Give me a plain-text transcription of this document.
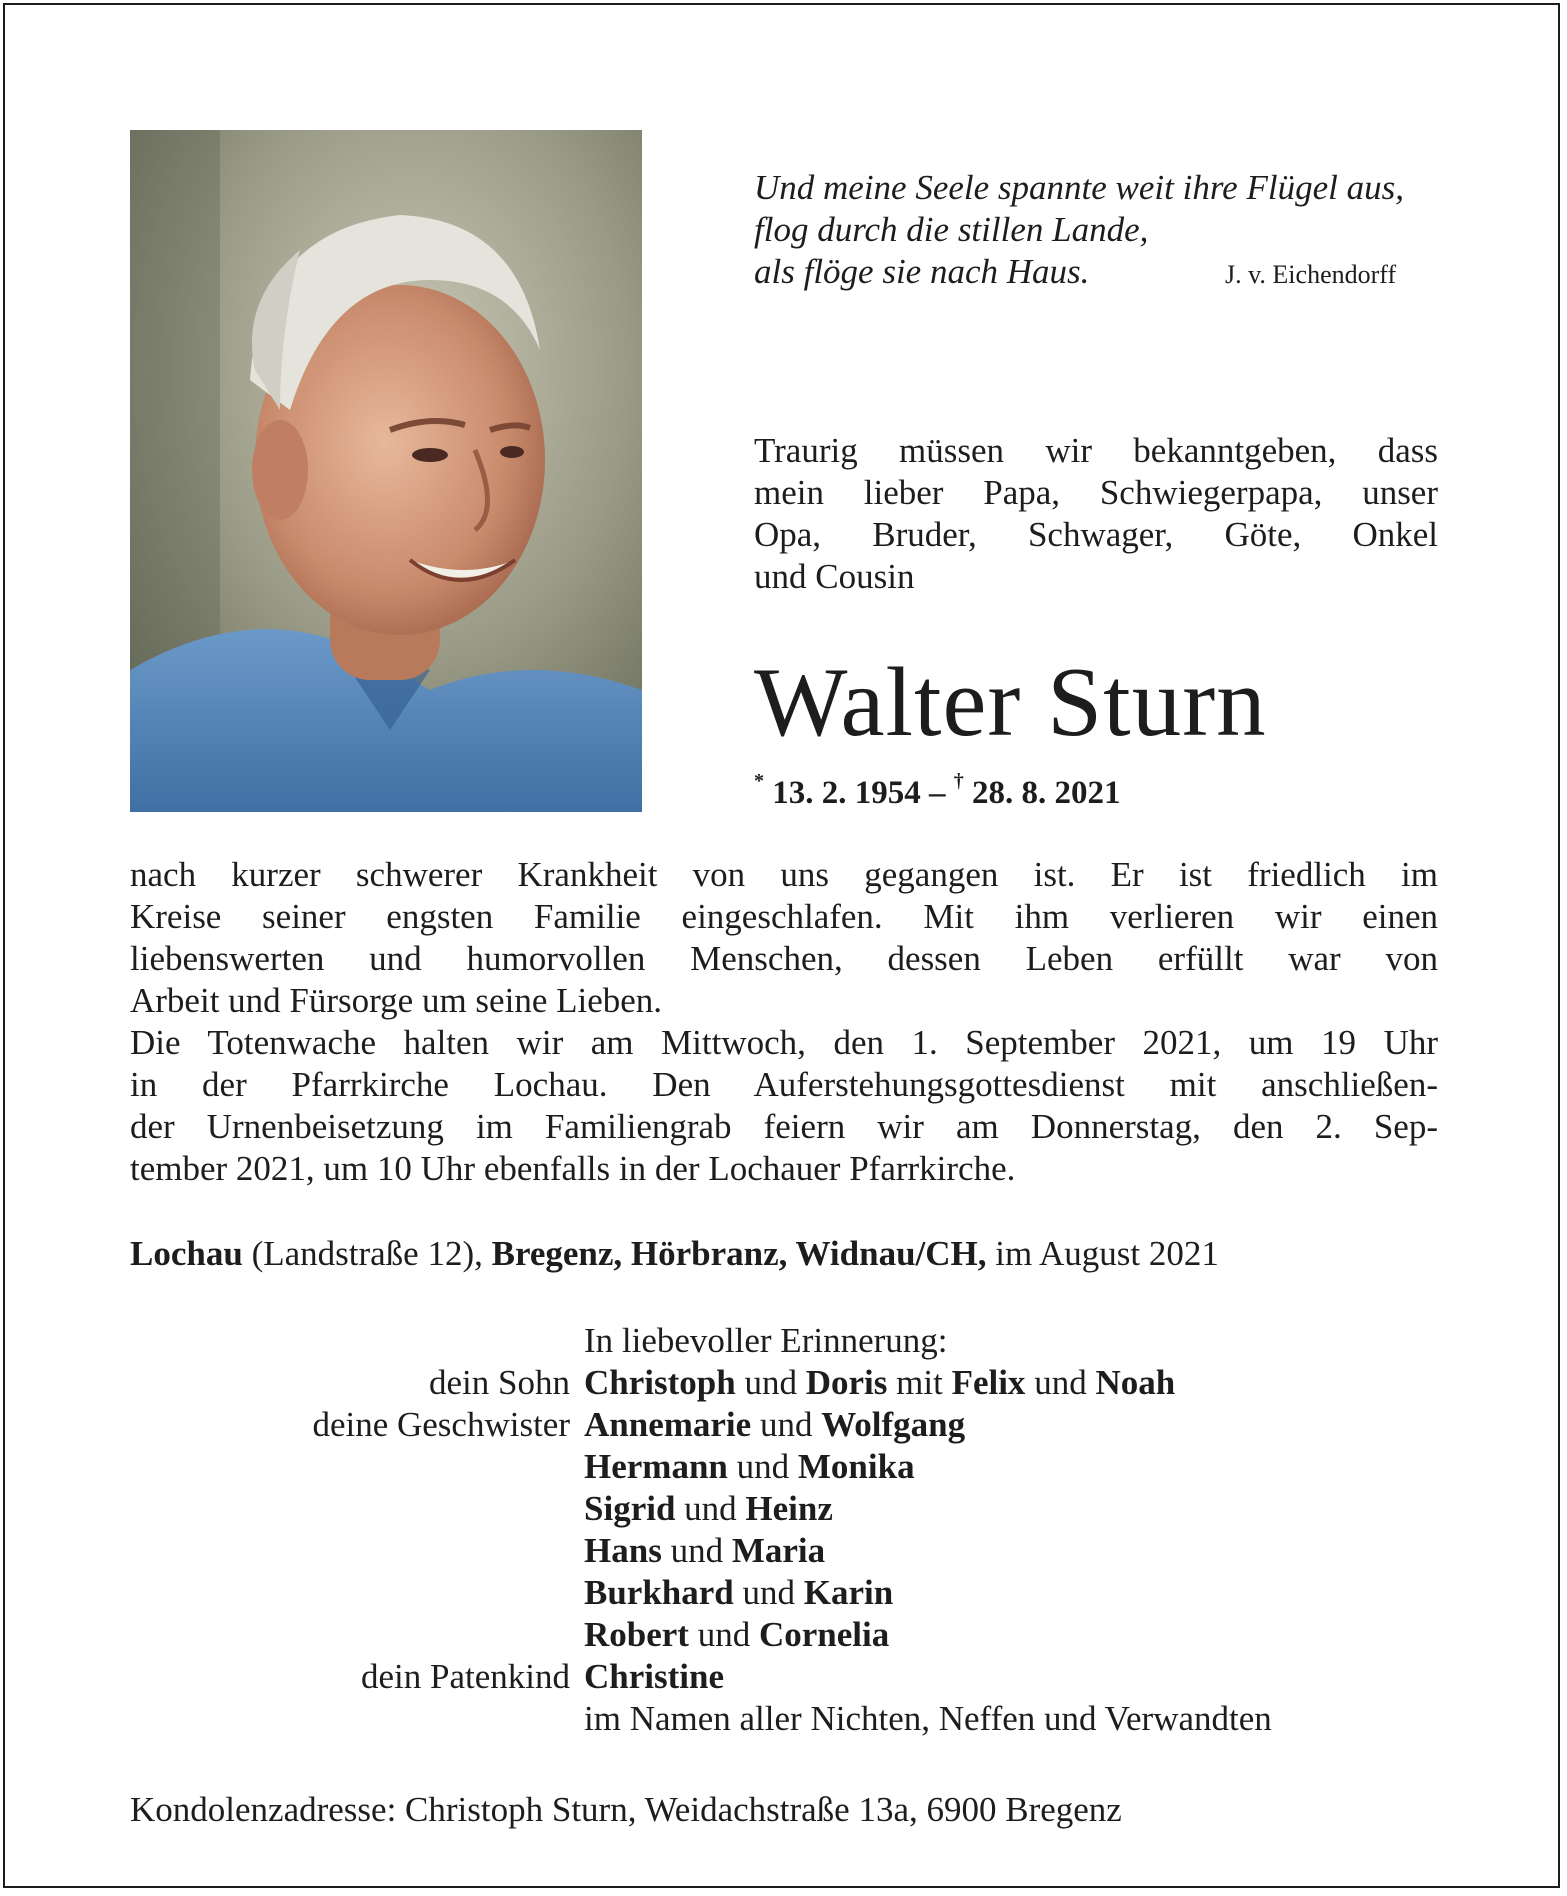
Und meine Seele spannte weit ihre Flügel aus,
flog durch die stillen Lande,
als flöge sie nach Haus.	J. v. Eichendorff
Traurig müssen wir bekanntgeben, dass
mein lieber Papa, Schwiegerpapa, unser
Opa, Bruder, Schwager, Göte, Onkel
und Cousin
Walter Sturn
* 13. 2. 1954 – † 28. 8. 2021
nach kurzer schwerer Krankheit von uns gegangen ist. Er ist friedlich im
Kreise seiner engsten Familie eingeschlafen. Mit ihm verlieren wir einen
liebenswerten und humorvollen Menschen, dessen Leben erfüllt war von
Arbeit und Fürsorge um seine Lieben.
Die Totenwache halten wir am Mittwoch, den 1. September 2021, um 19 Uhr
in der Pfarrkirche Lochau. Den Auferstehungsgottesdienst mit anschließen-
der Urnenbeisetzung im Familiengrab feiern wir am Donnerstag, den 2. Sep-
tember 2021, um 10 Uhr ebenfalls in der Lochauer Pfarrkirche.
Lochau (Landstraße 12), Bregenz, Hörbranz, Widnau/CH, im August 2021
In liebevoller Erinnerung:
dein Sohn Christoph und Doris mit Felix und Noah
deine Geschwister Annemarie und Wolfgang
Hermann und Monika
Sigrid und Heinz
Hans und Maria
Burkhard und Karin
Robert und Cornelia
dein Patenkind Christine
im Namen aller Nichten, Neffen und Verwandten
Kondolenzadresse: Christoph Sturn, Weidachstraße 13a, 6900 Bregenz
